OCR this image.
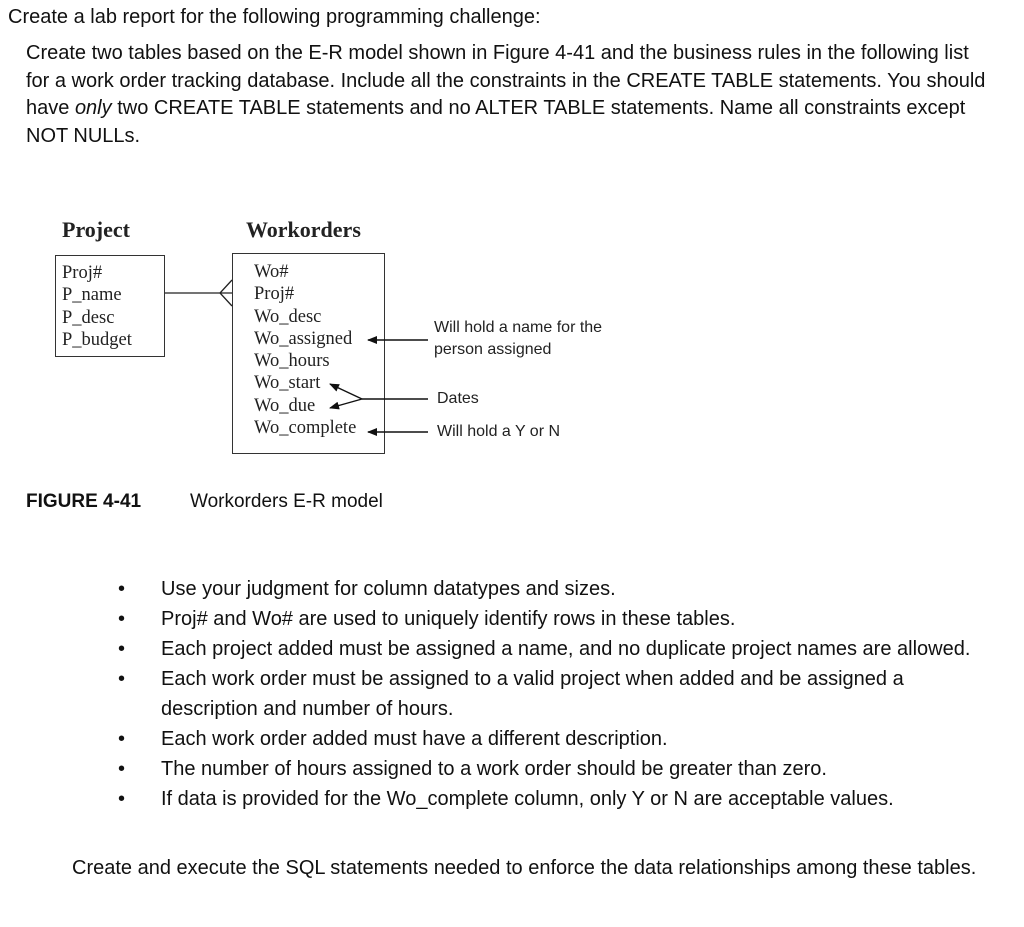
Create a lab report for the following programming challenge:

Create two tables based on the E-R model shown in Figure 4-41 and the business rules in the following list for a work order tracking database. Include all the constraints in the CREATE TABLE statements. You should have only two CREATE TABLE statements and no ALTER TABLE statements. Name all constraints except NOT NULLs.

Project
Proj#
P_name
P_desc
P_budget
Workorders
Wo#
Proj#
Wo_desc
Wo_assigned
Wo_hours
Wo_start
Wo_due
Wo_complete
Will hold a name for the person assigned
Dates
Will hold a Y or N
FIGURE 4-41	Workorders E-R model
• Use your judgment for column datatypes and sizes.
• Proj# and Wo# are used to uniquely identify rows in these tables.
• Each project added must be assigned a name, and no duplicate project names are allowed.
• Each work order must be assigned to a valid project when added and be assigned a description and number of hours.
• Each work order added must have a different description.
• The number of hours assigned to a work order should be greater than zero.
• If data is provided for the Wo_complete column, only Y or N are acceptable values.

Create and execute the SQL statements needed to enforce the data relationships among these tables.
